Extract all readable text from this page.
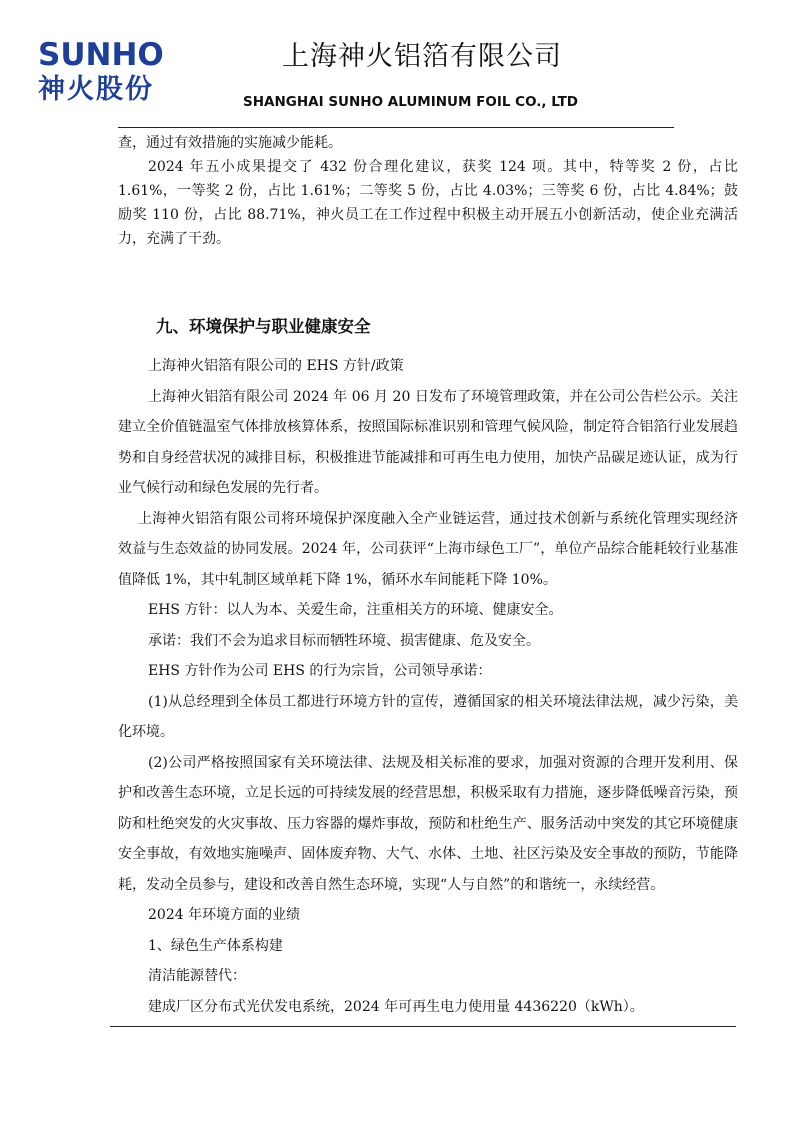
SUNHO
神火股份
上海神火铝箔有限公司
SHANGHAI SUNHO ALUMINUM FOIL CO., LTD

查，通过有效措施的实施减少能耗。

2024 年五小成果提交了 432 份合理化建议，获奖 124 项。其中，特等奖 2 份，占比 1.61%，一等奖 2 份，占比 1.61%；二等奖 5 份，占比 4.03%；三等奖 6 份，占比 4.84%；鼓励奖 110 份，占比 88.71%，神火员工在工作过程中积极主动开展五小创新活动，使企业充满活力，充满了干劲。

九、环境保护与职业健康安全

上海神火铝箔有限公司的 EHS 方针/政策

上海神火铝箔有限公司 2024 年 06 月 20 日发布了环境管理政策，并在公司公告栏公示。关注建立全价值链温室气体排放核算体系，按照国际标准识别和管理气候风险，制定符合铝箔行业发展趋势和自身经营状况的减排目标，积极推进节能减排和可再生电力使用，加快产品碳足迹认证，成为行业气候行动和绿色发展的先行者。

上海神火铝箔有限公司将环境保护深度融入全产业链运营，通过技术创新与系统化管理实现经济效益与生态效益的协同发展。2024 年，公司获评“上海市绿色工厂”，单位产品综合能耗较行业基准值降低 1%，其中轧制区域单耗下降 1%，循环水车间能耗下降 10%。

EHS 方针：以人为本、关爱生命，注重相关方的环境、健康安全。

承诺：我们不会为追求目标而牺牲环境、损害健康、危及安全。

EHS 方针作为公司 EHS 的行为宗旨，公司领导承诺：

(1)从总经理到全体员工都进行环境方针的宣传，遵循国家的相关环境法律法规，减少污染，美化环境。

(2)公司严格按照国家有关环境法律、法规及相关标准的要求，加强对资源的合理开发利用、保护和改善生态环境，立足长远的可持续发展的经营思想，积极采取有力措施，逐步降低噪音污染，预防和杜绝突发的火灾事故、压力容器的爆炸事故，预防和杜绝生产、服务活动中突发的其它环境健康安全事故，有效地实施噪声、固体废弃物、大气、水体、土地、社区污染及安全事故的预防，节能降耗，发动全员参与，建设和改善自然生态环境，实现“人与自然”的和谐统一，永续经营。

2024 年环境方面的业绩

1、绿色生产体系构建

清洁能源替代：

建成厂区分布式光伏发电系统，2024 年可再生电力使用量 4436220（kWh）。
